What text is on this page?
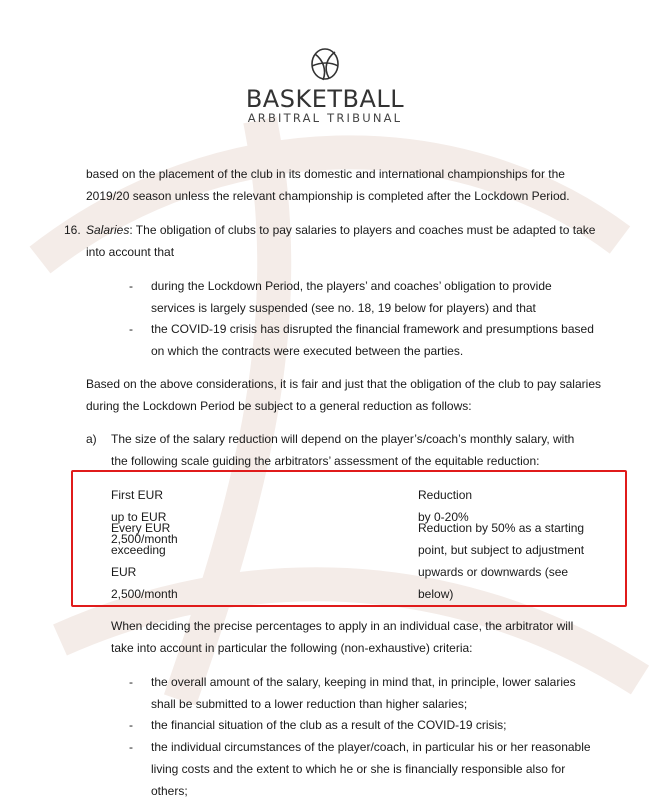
BASKETBALL
ARBITRAL TRIBUNAL
based on the placement of the club in its domestic and international championships for the
2019/20 season unless the relevant championship is completed after the Lockdown Period.
16. Salaries: The obligation of clubs to pay salaries to players and coaches must be adapted to take
into account that
- during the Lockdown Period, the players’ and coaches’ obligation to provide
services is largely suspended (see no. 18, 19 below for players) and that
- the COVID-19 crisis has disrupted the financial framework and presumptions based
on which the contracts were executed between the parties.
Based on the above considerations, it is fair and just that the obligation of the club to pay salaries
during the Lockdown Period be subject to a general reduction as follows:
a) The size of the salary reduction will depend on the player’s/coach’s monthly salary, with
the following scale guiding the arbitrators’ assessment of the equitable reduction:
First EUR up to EUR 2,500/month
Reduction by 0-20%
Every EUR exceeding EUR 2,500/month
Reduction by 50% as a starting
point, but subject to adjustment
upwards or downwards (see
below)
When deciding the precise percentages to apply in an individual case, the arbitrator will
take into account in particular the following (non-exhaustive) criteria:
- the overall amount of the salary, keeping in mind that, in principle, lower salaries
shall be submitted to a lower reduction than higher salaries;
- the financial situation of the club as a result of the COVID-19 crisis;
- the individual circumstances of the player/coach, in particular his or her reasonable
living costs and the extent to which he or she is financially responsible also for
others;
